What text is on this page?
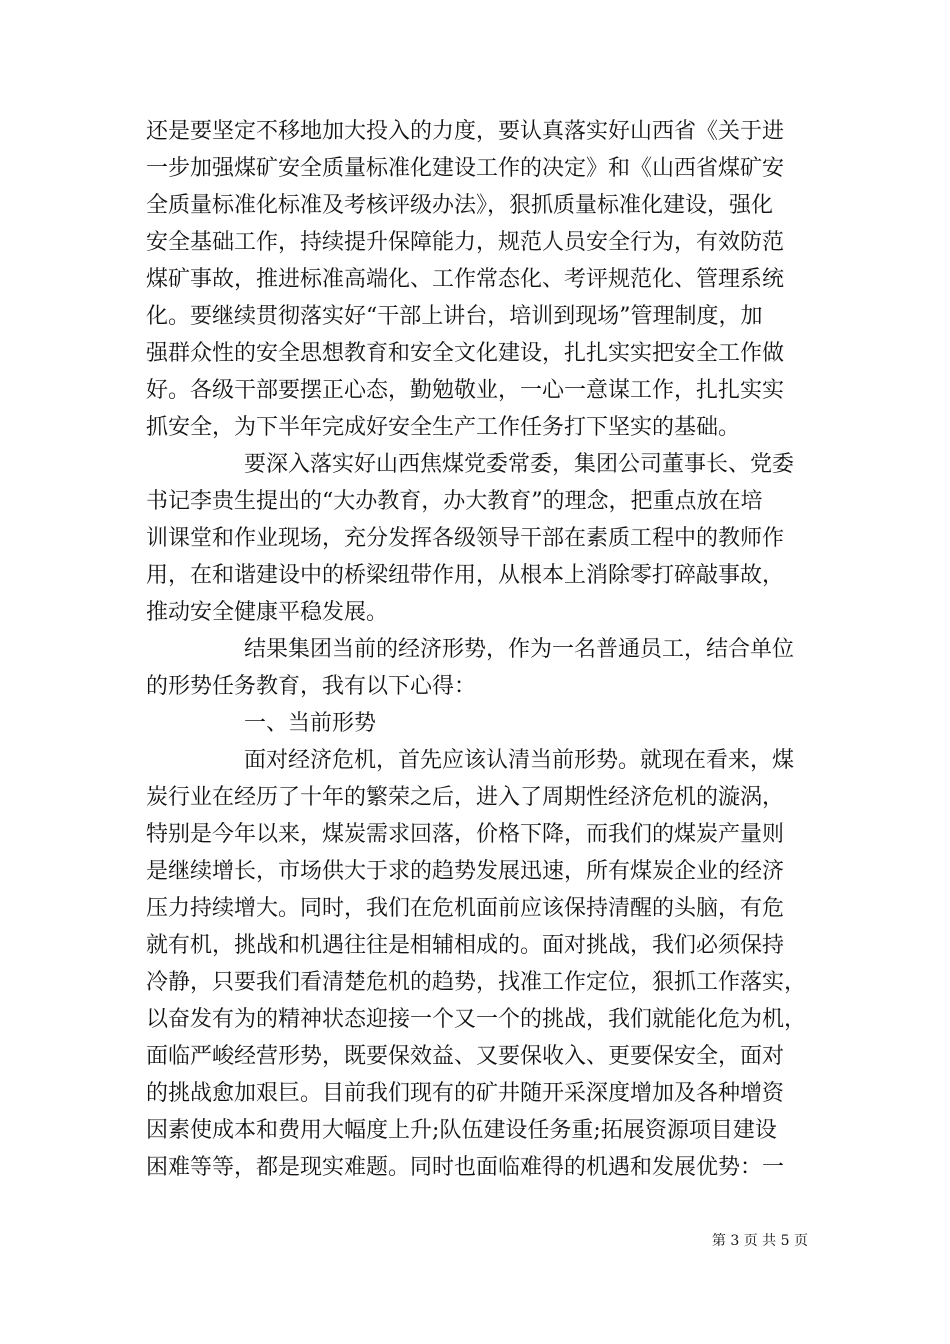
还是要坚定不移地加大投入的力度，要认真落实好山西省《关于进
一步加强煤矿安全质量标准化建设工作的决定》和《山西省煤矿安
全质量标准化标准及考核评级办法》，狠抓质量标准化建设，强化
安全基础工作，持续提升保障能力，规范人员安全行为，有效防范
煤矿事故，推进标准高端化、工作常态化、考评规范化、管理系统
化。要继续贯彻落实好“干部上讲台，培训到现场”管理制度，加
强群众性的安全思想教育和安全文化建设，扎扎实实把安全工作做
好。各级干部要摆正心态，勤勉敬业，一心一意谋工作，扎扎实实
抓安全，为下半年完成好安全生产工作任务打下坚实的基础。
要深入落实好山西焦煤党委常委，集团公司董事长、党委
书记李贵生提出的“大办教育，办大教育”的理念，把重点放在培
训课堂和作业现场，充分发挥各级领导干部在素质工程中的教师作
用，在和谐建设中的桥梁纽带作用，从根本上消除零打碎敲事故，
推动安全健康平稳发展。
结果集团当前的经济形势，作为一名普通员工，结合单位
的形势任务教育，我有以下心得：
一、当前形势
面对经济危机，首先应该认清当前形势。就现在看来，煤
炭行业在经历了十年的繁荣之后，进入了周期性经济危机的漩涡，
特别是今年以来，煤炭需求回落，价格下降，而我们的煤炭产量则
是继续增长，市场供大于求的趋势发展迅速，所有煤炭企业的经济
压力持续增大。同时，我们在危机面前应该保持清醒的头脑，有危
就有机，挑战和机遇往往是相辅相成的。面对挑战，我们必须保持
冷静，只要我们看清楚危机的趋势，找准工作定位，狠抓工作落实，
以奋发有为的精神状态迎接一个又一个的挑战，我们就能化危为机，
面临严峻经营形势，既要保效益、又要保收入、更要保安全，面对
的挑战愈加艰巨。目前我们现有的矿井随开采深度增加及各种增资
因素使成本和费用大幅度上升;队伍建设任务重;拓展资源项目建设
困难等等，都是现实难题。同时也面临难得的机遇和发展优势：一
第 3 页 共 5 页
